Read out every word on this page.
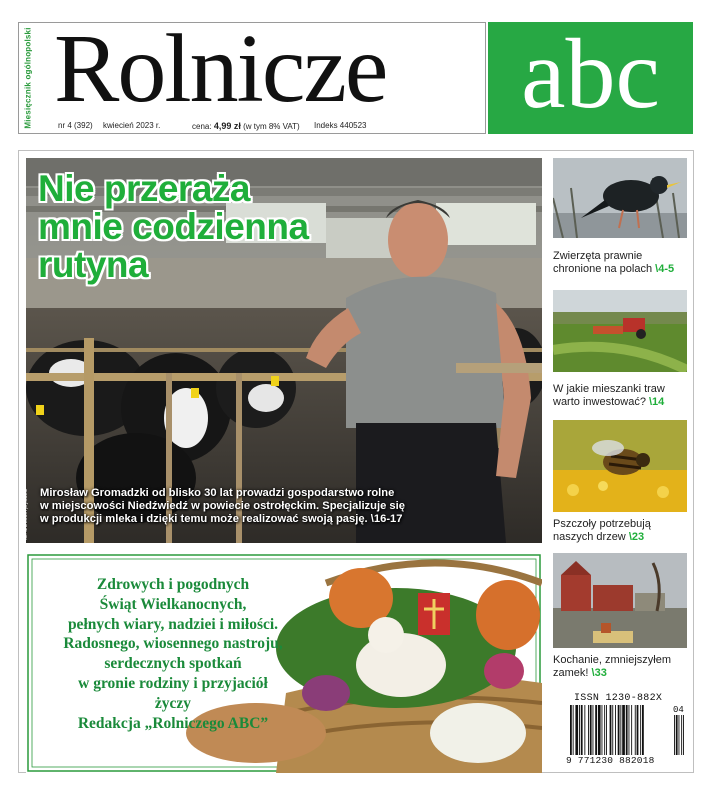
Miesięcznik ogólnopolski Rolnicze	abc
nr 4 (392) kwiecień 2023 r.	cena: 4,99 zł (w tym 8% VAT) Indeks 440523
Nie przeraża
mnie codzienna
rutyna
Mirosław Gromadzki od blisko 30 lat prowadzi gospodarstwo rolne
w miejscowości Niedźwiedź w powiecie ostrołęckim. Specjalizuje się
w produkcji mleka i dzięki temu może realizować swoją pasję. \16-17
fot. archiwum prywatne
Zwierzęta prawnie
chronione na polach \4-5
W jakie mieszanki traw
warto inwestować? \14
Pszczoły potrzebują
naszych drzew \23
Kochanie, zmniejszyłem
zamek! \33
Zdrowych i pogodnych
Świąt Wielkanocnych,
pełnych wiary, nadziei i miłości.
Radosnego, wiosennego nastroju,
serdecznych spotkań
w gronie rodziny i przyjaciół
życzy
Redakcja „Rolniczego ABC”
ISSN 1230-882X
04
9 771230 882018
